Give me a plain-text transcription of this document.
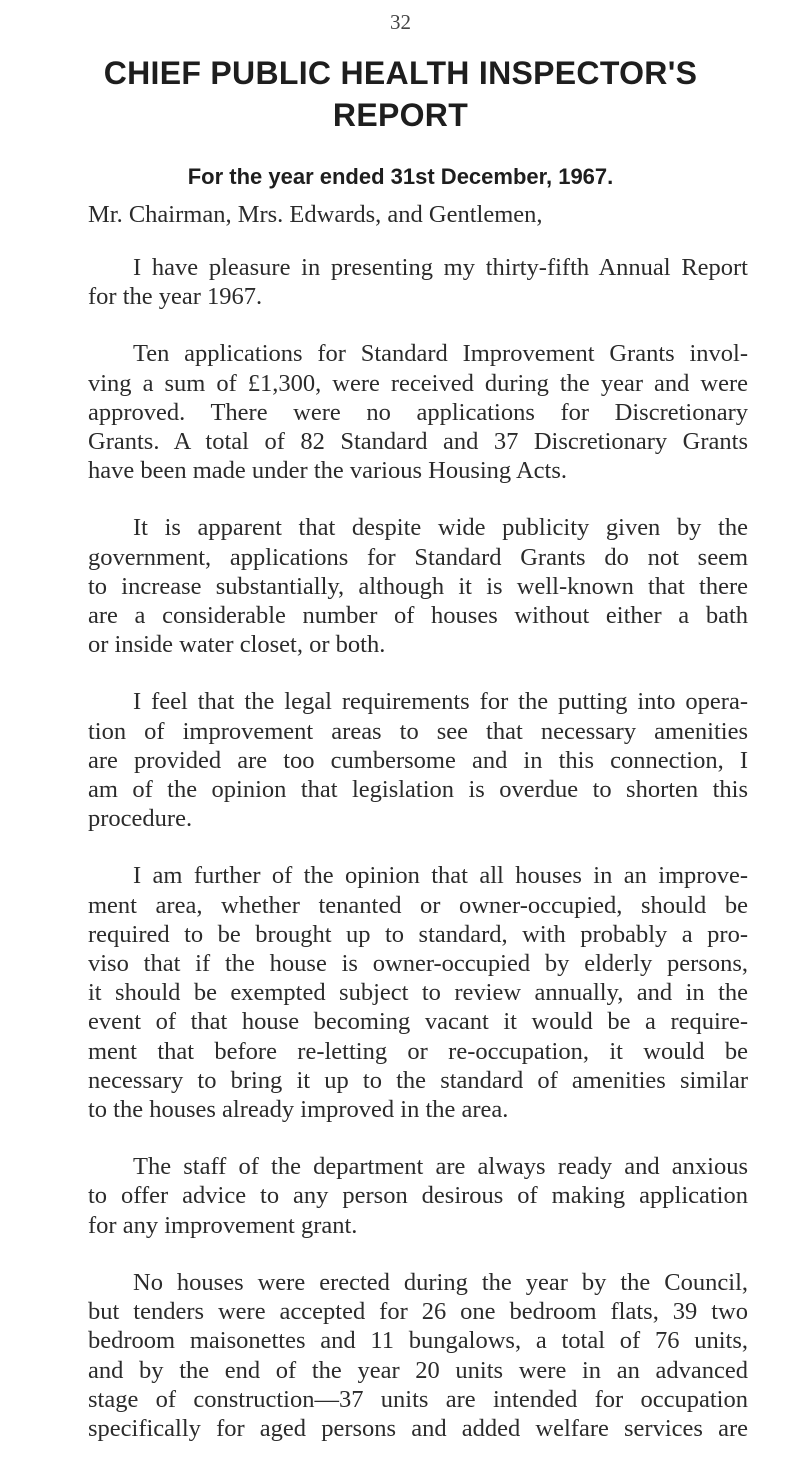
32
CHIEF PUBLIC HEALTH INSPECTOR'S
REPORT
For the year ended 31st December, 1967.
Mr. Chairman, Mrs. Edwards, and Gentlemen,

I have pleasure in presenting my thirty-fifth Annual Report
for the year 1967.

Ten applications for Standard Improvement Grants invol-
ving a sum of £1,300, were received during the year and were
approved. There were no applications for Discretionary
Grants. A total of 82 Standard and 37 Discretionary Grants
have been made under the various Housing Acts.

It is apparent that despite wide publicity given by the
government, applications for Standard Grants do not seem
to increase substantially, although it is well-known that there
are a considerable number of houses without either a bath
or inside water closet, or both.

I feel that the legal requirements for the putting into opera-
tion of improvement areas to see that necessary amenities
are provided are too cumbersome and in this connection, I
am of the opinion that legislation is overdue to shorten this
procedure.

I am further of the opinion that all houses in an improve-
ment area, whether tenanted or owner-occupied, should be
required to be brought up to standard, with probably a pro-
viso that if the house is owner-occupied by elderly persons,
it should be exempted subject to review annually, and in the
event of that house becoming vacant it would be a require-
ment that before re-letting or re-occupation, it would be
necessary to bring it up to the standard of amenities similar
to the houses already improved in the area.

The staff of the department are always ready and anxious
to offer advice to any person desirous of making application
for any improvement grant.

No houses were erected during the year by the Council,
but tenders were accepted for 26 one bedroom flats, 39 two
bedroom maisonettes and 11 bungalows, a total of 76 units,
and by the end of the year 20 units were in an advanced
stage of construction—37 units are intended for occupation
specifically for aged persons and added welfare services are
